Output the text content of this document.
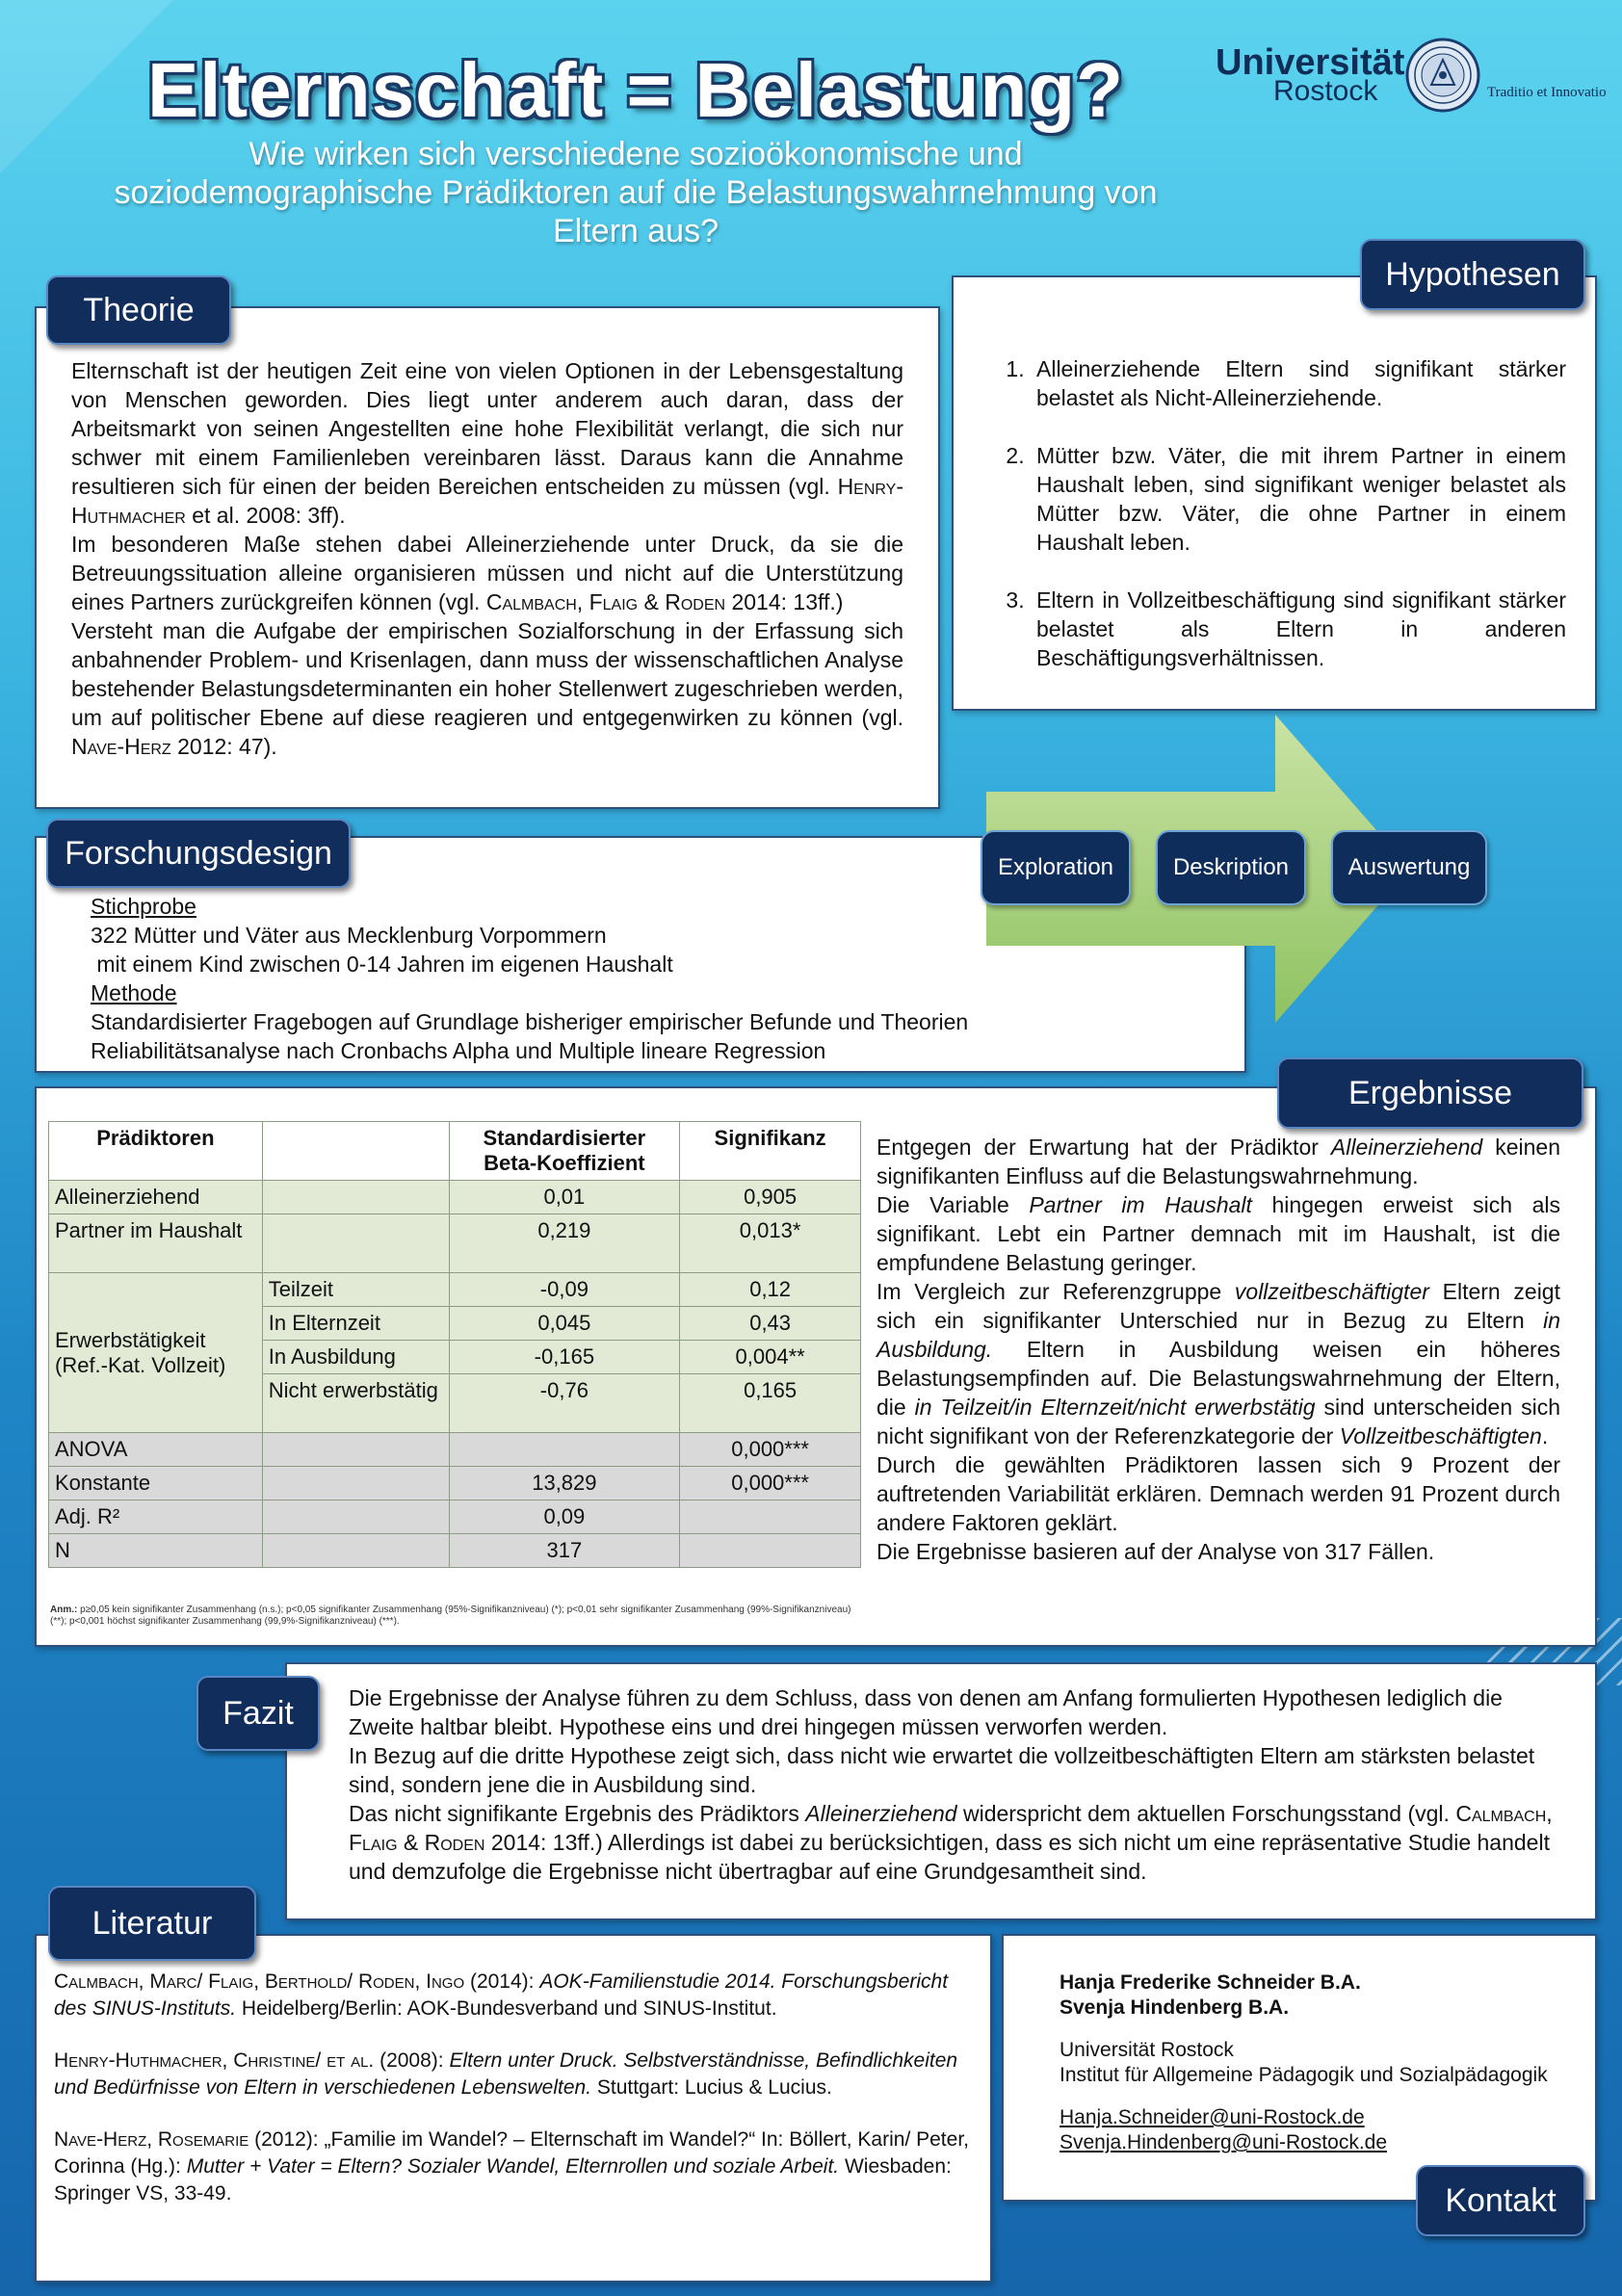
Elternschaft = Belastung?
Wie wirken sich verschiedene sozioökonomische und soziodemographische Prädiktoren auf die Belastungswahrnehmung von Eltern aus?
Universität
Rostock	Traditio et Innovatio
Elternschaft ist der heutigen Zeit eine von vielen Optionen in der Lebensgestaltung von Menschen geworden. Dies liegt unter anderem auch daran, dass der Arbeitsmarkt von seinen Angestellten eine hohe Flexibilität verlangt, die sich nur schwer mit einem Familienleben vereinbaren lässt. Daraus kann die Annahme resultieren sich für einen der beiden Bereichen entscheiden zu müssen (vgl. Henry-Huthmacher et al. 2008: 3ff).
Im besonderen Maße stehen dabei Alleinerziehende unter Druck, da sie die Betreuungssituation alleine organisieren müssen und nicht auf die Unterstützung eines Partners zurückgreifen können (vgl. Calmbach, Flaig & Roden 2014: 13ff.)
Versteht man die Aufgabe der empirischen Sozialforschung in der Erfassung sich anbahnender Problem- und Krisenlagen, dann muss der wissenschaftlichen Analyse bestehender Belastungsdeterminanten ein hoher Stellenwert zugeschrieben werden, um auf politischer Ebene auf diese reagieren und entgegenwirken zu können (vgl. Nave-Herz 2012: 47).
Theorie
1. Alleinerziehende Eltern sind signifikant stärker belastet als Nicht-Alleinerziehende.
2. Mütter bzw. Väter, die mit ihrem Partner in einem Haushalt leben, sind signifikant weniger belastet als Mütter bzw. Väter, die ohne Partner in einem Haushalt leben.
3. Eltern in Vollzeitbeschäftigung sind signifikant stärker belastet als Eltern in anderen Beschäftigungsverhältnissen.
Hypothesen
Stichprobe
322 Mütter und Väter aus Mecklenburg Vorpommern
mit einem Kind zwischen 0-14 Jahren im eigenen Haushalt
Methode
Standardisierter Fragebogen auf Grundlage bisheriger empirischer Befunde und Theorien
Reliabilitätsanalyse nach Cronbachs Alpha und Multiple lineare Regression
Forschungsdesign	Exploration	Deskription	Auswertung
Prädiktoren		Standardisierter Beta-Koeffizient	Signifikanz
Alleinerziehend		0,01	0,905
Partner im Haushalt		0,219	0,013*
Erwerbstätigkeit (Ref.-Kat. Vollzeit)	Teilzeit	-0,09	0,12
	In Elternzeit	0,045	0,43
	In Ausbildung	-0,165	0,004**
	Nicht erwerbstätig	-0,76	0,165
ANOVA			0,000***
Konstante		13,829	0,000***
Adj. R²		0,09	
N		317	
Anm.: p≥0,05 kein signifikanter Zusammenhang (n.s.); p<0,05 signifikanter Zusammenhang (95%-Signifikanzniveau) (*); p<0,01 sehr signifikanter Zusammenhang (99%-Signifikanzniveau) (**); p<0,001 höchst signifikanter Zusammenhang (99,9%-Signifikanzniveau) (***).
Entgegen der Erwartung hat der Prädiktor Alleinerziehend keinen signifikanten Einfluss auf die Belastungswahrnehmung.
Die Variable Partner im Haushalt hingegen erweist sich als signifikant. Lebt ein Partner demnach mit im Haushalt, ist die empfundene Belastung geringer.
Im Vergleich zur Referenzgruppe vollzeitbeschäftigter Eltern zeigt sich ein signifikanter Unterschied nur in Bezug zu Eltern in Ausbildung. Eltern in Ausbildung weisen ein höheres Belastungsempfinden auf. Die Belastungswahrnehmung der Eltern, die in Teilzeit/in Elternzeit/nicht erwerbstätig sind unterscheiden sich nicht signifikant von der Referenzkategorie der Vollzeitbeschäftigten.
Durch die gewählten Prädiktoren lassen sich 9 Prozent der auftretenden Variabilität erklären. Demnach werden 91 Prozent durch andere Faktoren geklärt.
Die Ergebnisse basieren auf der Analyse von 317 Fällen.
Ergebnisse
Die Ergebnisse der Analyse führen zu dem Schluss, dass von denen am Anfang formulierten Hypothesen lediglich die Zweite haltbar bleibt. Hypothese eins und drei hingegen müssen verworfen werden.
In Bezug auf die dritte Hypothese zeigt sich, dass nicht wie erwartet die vollzeitbeschäftigten Eltern am stärksten belastet sind, sondern jene die in Ausbildung sind.
Das nicht signifikante Ergebnis des Prädiktors Alleinerziehend widerspricht dem aktuellen Forschungsstand (vgl. Calmbach, Flaig & Roden 2014: 13ff.) Allerdings ist dabei zu berücksichtigen, dass es sich nicht um eine repräsentative Studie handelt und demzufolge die Ergebnisse nicht übertragbar auf eine Grundgesamtheit sind.
Fazit
Calmbach, Marc/ Flaig, Berthold/ Roden, Ingo (2014): AOK-Familienstudie 2014. Forschungsbericht des SINUS-Instituts. Heidelberg/Berlin: AOK-Bundesverband und SINUS-Institut.
Henry-Huthmacher, Christine/ et al. (2008): Eltern unter Druck. Selbstverständnisse, Befindlichkeiten und Bedürfnisse von Eltern in verschiedenen Lebenswelten. Stuttgart: Lucius & Lucius.
Nave-Herz, Rosemarie (2012): „Familie im Wandel? – Elternschaft im Wandel?“ In: Böllert, Karin/ Peter, Corinna (Hg.): Mutter + Vater = Eltern? Sozialer Wandel, Elternrollen und soziale Arbeit. Wiesbaden: Springer VS, 33-49.
Literatur
Hanja Frederike Schneider B.A.
Svenja Hindenberg B.A.
Universität Rostock
Institut für Allgemeine Pädagogik und Sozialpädagogik
Hanja.Schneider@uni-Rostock.de
Svenja.Hindenberg@uni-Rostock.de
Kontakt
